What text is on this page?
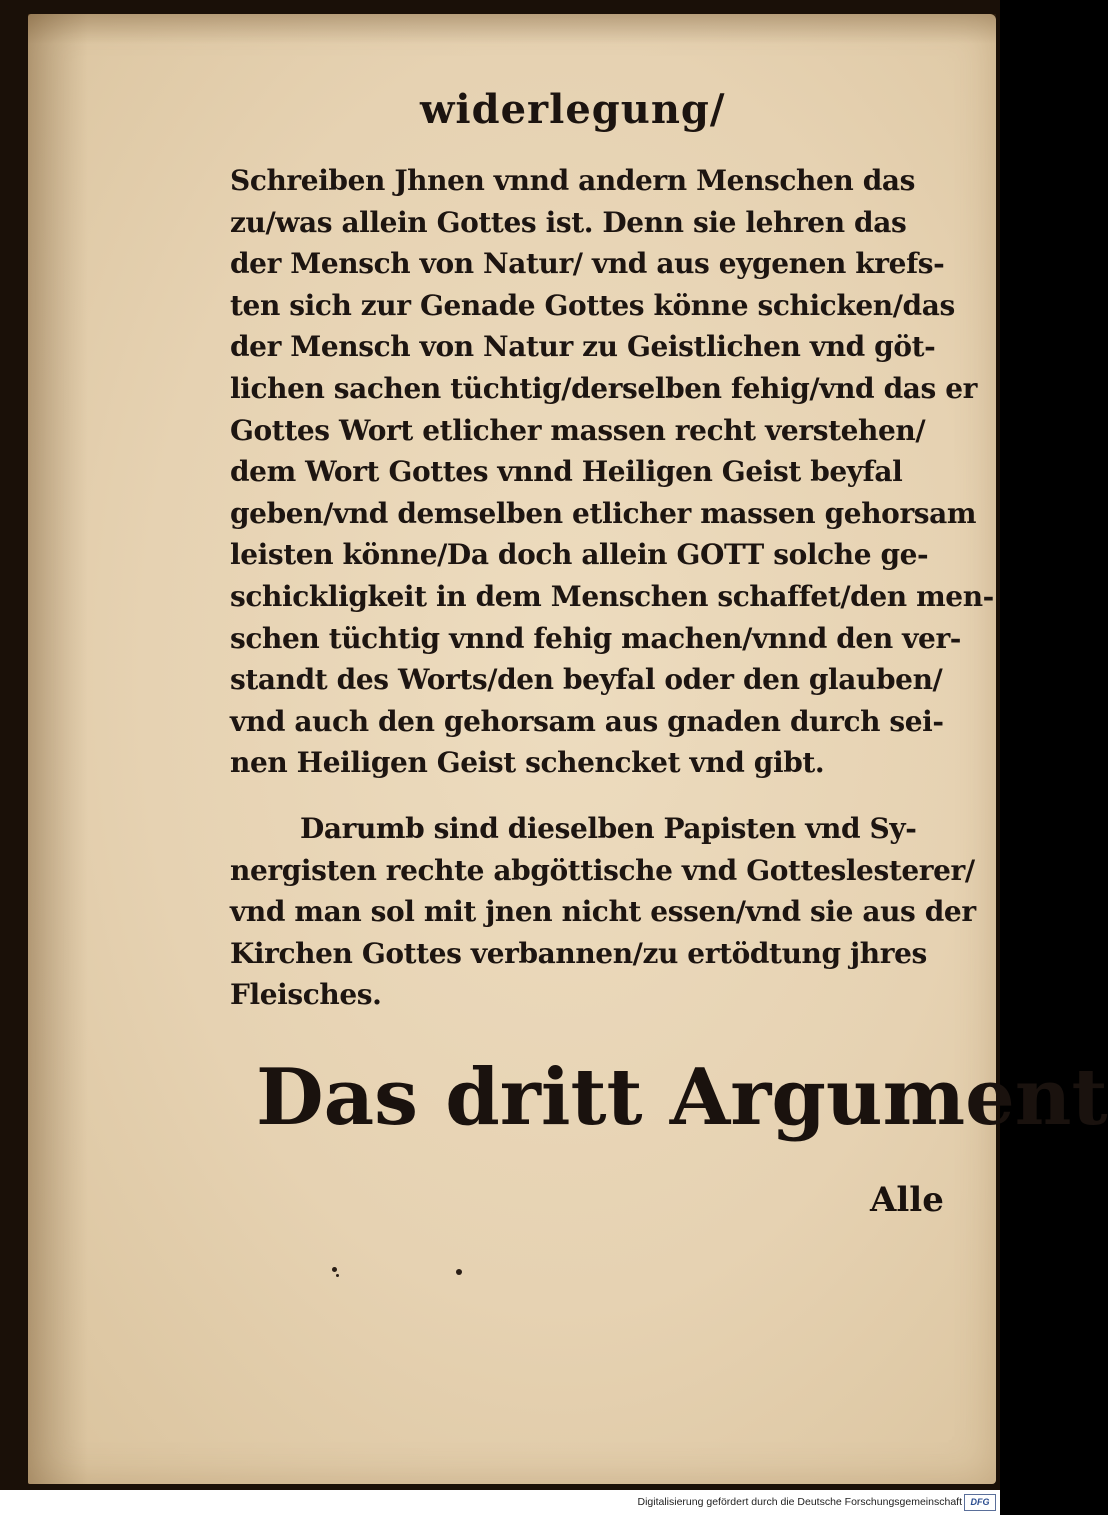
widerlegung/
Schreiben Jhnen vnnd andern Menschen das
zu/was allein Gottes ist. Denn sie lehren das
der Mensch von Natur/ vnd aus eygenen krefs-
ten sich zur Genade Gottes könne schicken/das
der Mensch von Natur zu Geistlichen vnd göt-
lichen sachen tüchtig/derselben fehig/vnd das er
Gottes Wort etlicher massen recht verstehen/
dem Wort Gottes vnnd Heiligen Geist beyfal
geben/vnd demselben etlicher massen gehorsam
leisten könne/Da doch allein GOTT solche ge-
schickligkeit in dem Menschen schaffet/den men-
schen tüchtig vnnd fehig machen/vnnd den ver-
standt des Worts/den beyfal oder den glauben/
vnd auch den gehorsam aus gnaden durch sei-
nen Heiligen Geist schencket vnd gibt.
Darumb sind dieselben Papisten vnd Sy-
nergisten rechte abgöttische vnd Gotteslesterer/
vnd man sol mit jnen nicht essen/vnd sie aus der
Kirchen Gottes verbannen/zu ertödtung jhres
Fleisches.
Das dritt Argument
Alle
Digitalisierung gefördert durch die Deutsche Forschungsgemeinschaft DFG
